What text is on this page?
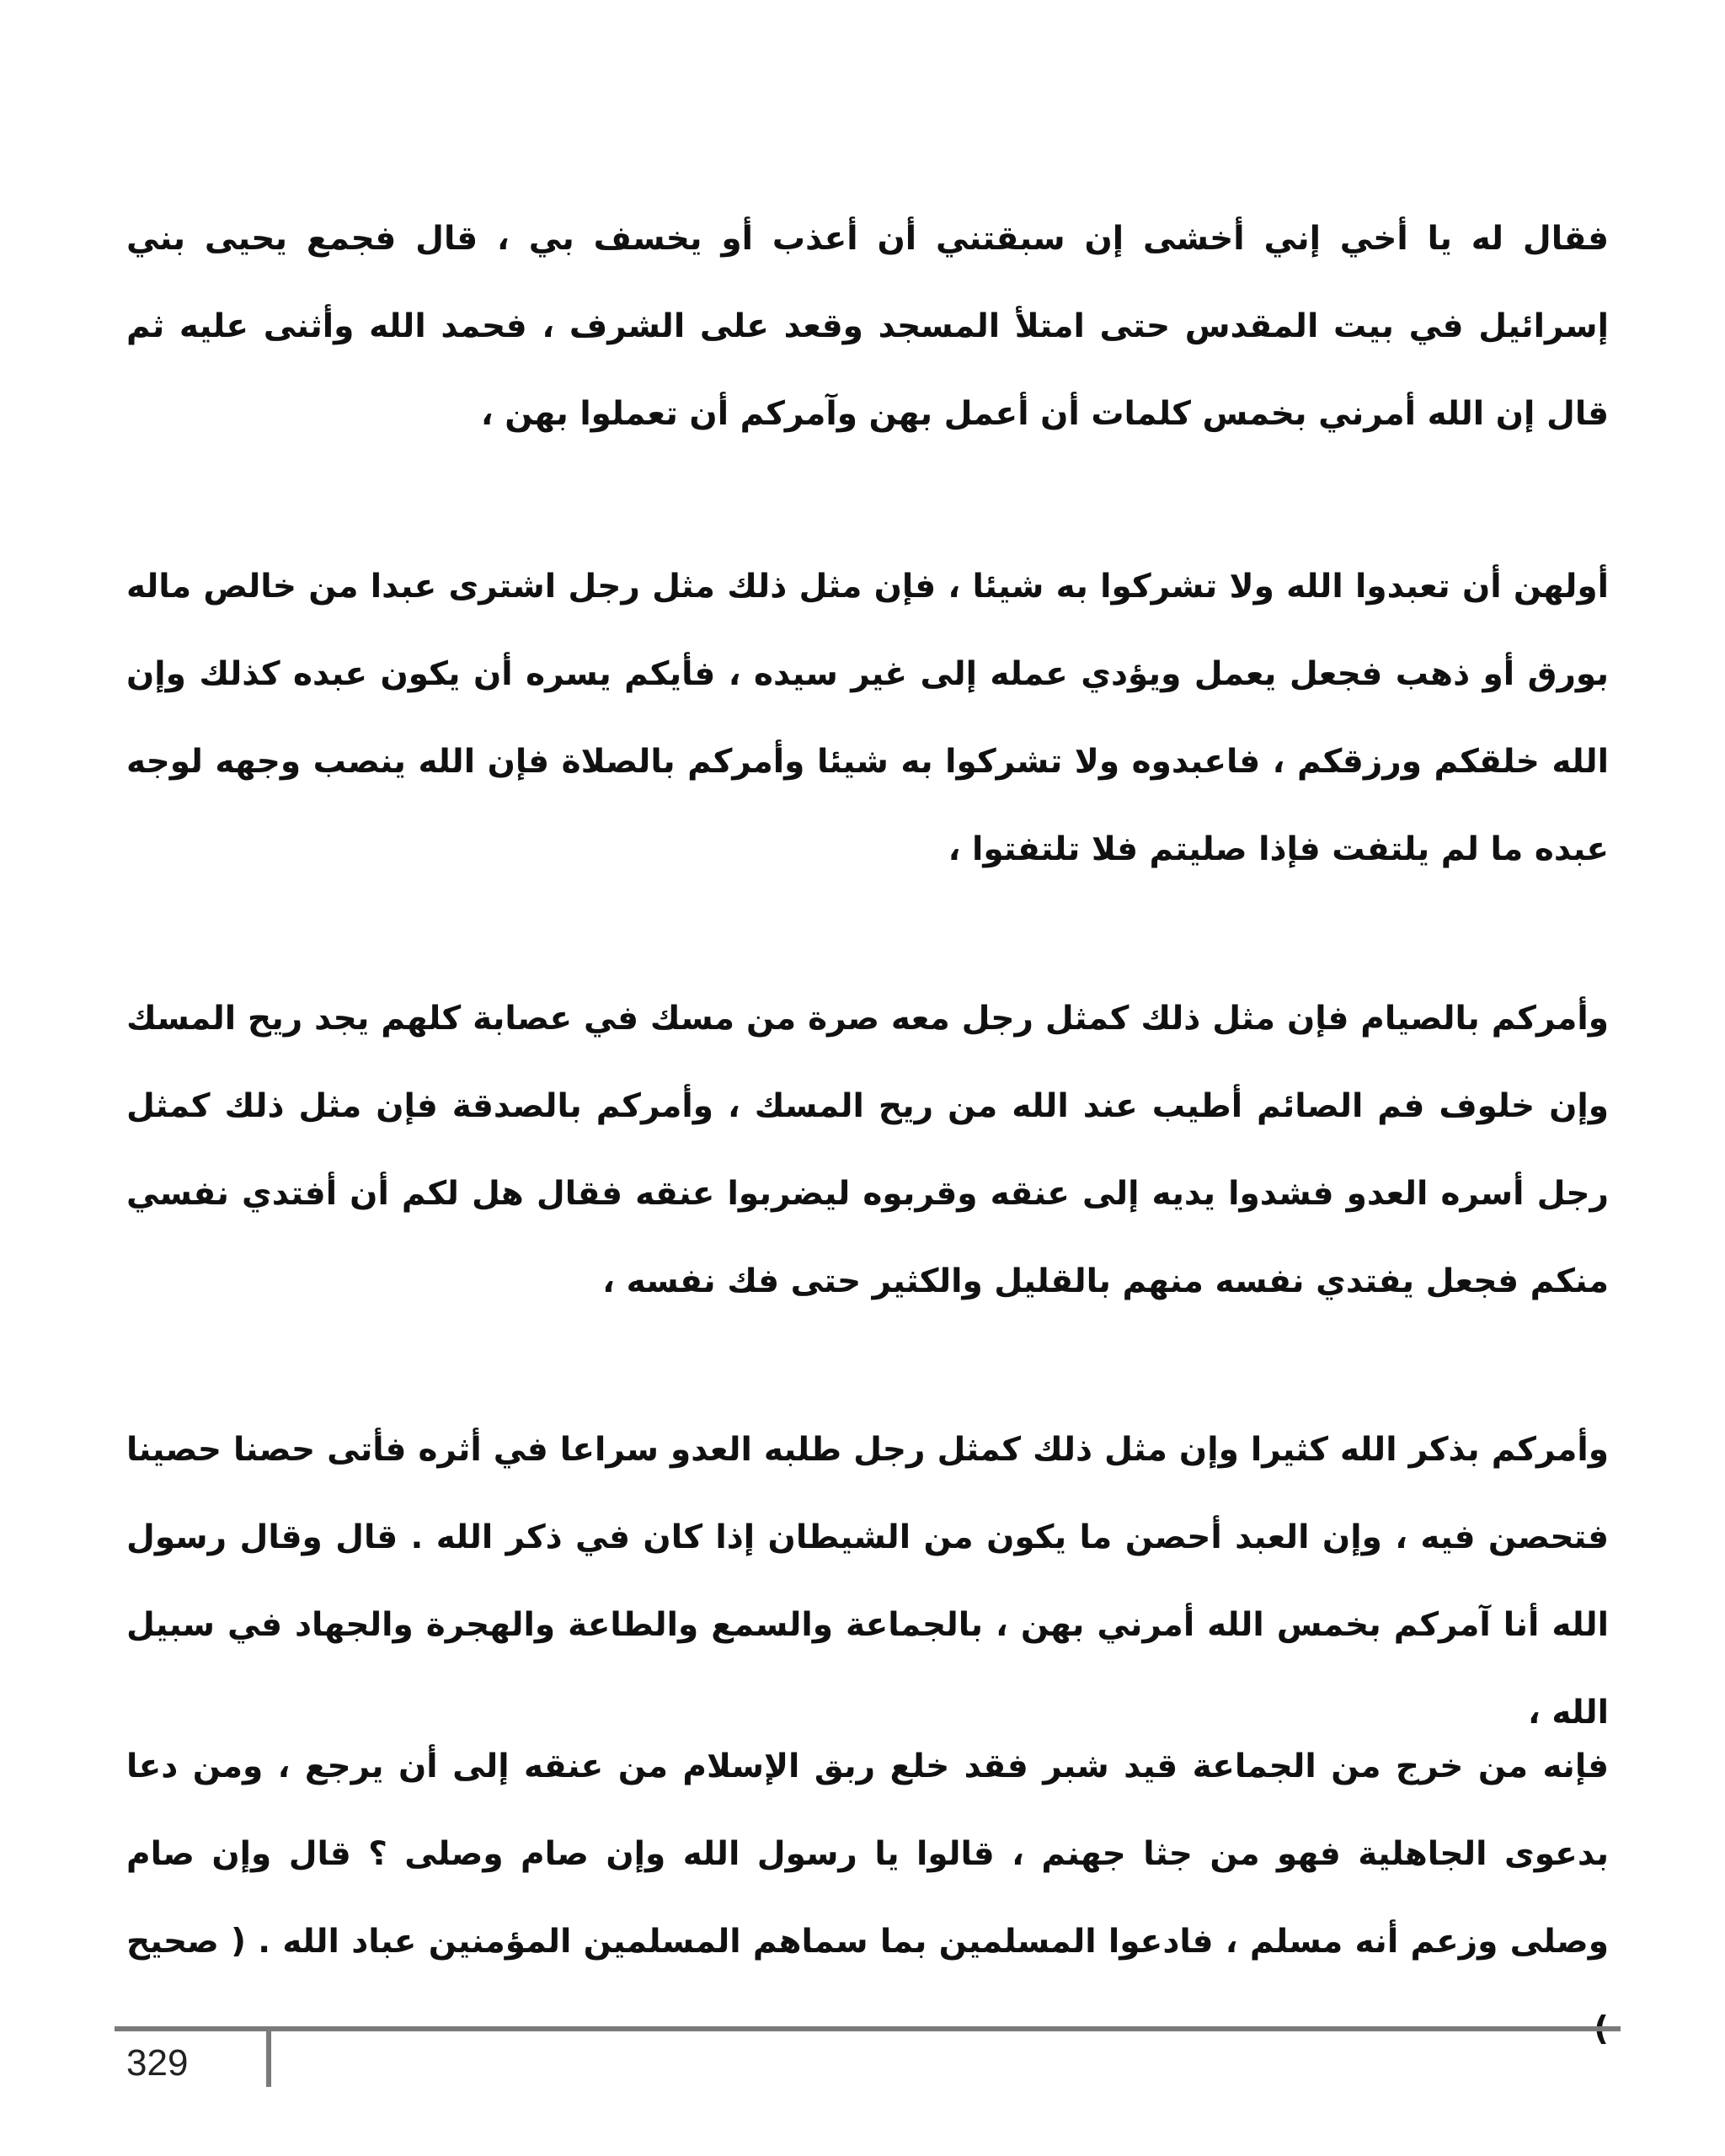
فقال له يا أخي إني أخشى إن سبقتني أن أعذب أو يخسف بي ، قال فجمع يحيى بني إسرائيل في بيت المقدس حتى امتلأ المسجد وقعد على الشرف ، فحمد الله وأثنى عليه ثم قال إن الله أمرني بخمس كلمات أن أعمل بهن وآمركم أن تعملوا بهن ،

أولهن أن تعبدوا الله ولا تشركوا به شيئا ، فإن مثل ذلك مثل رجل اشترى عبدا من خالص ماله بورق أو ذهب فجعل يعمل ويؤدي عمله إلى غير سيده ، فأيكم يسره أن يكون عبده كذلك وإن الله خلقكم ورزقكم ، فاعبدوه ولا تشركوا به شيئا وأمركم بالصلاة فإن الله ينصب وجهه لوجه عبده ما لم يلتفت فإذا صليتم فلا تلتفتوا ،

وأمركم بالصيام فإن مثل ذلك كمثل رجل معه صرة من مسك في عصابة كلهم يجد ريح المسك وإن خلوف فم الصائم أطيب عند الله من ريح المسك ، وأمركم بالصدقة فإن مثل ذلك كمثل رجل أسره العدو فشدوا يديه إلى عنقه وقربوه ليضربوا عنقه فقال هل لكم أن أفتدي نفسي منكم فجعل يفتدي نفسه منهم بالقليل والكثير حتى فك نفسه ،

وأمركم بذكر الله كثيرا وإن مثل ذلك كمثل رجل طلبه العدو سراعا في أثره فأتى حصنا حصينا فتحصن فيه ، وإن العبد أحصن ما يكون من الشيطان إذا كان في ذكر الله . قال وقال رسول الله أنا آمركم بخمس الله أمرني بهن ، بالجماعة والسمع والطاعة والهجرة والجهاد في سبيل الله ،

فإنه من خرج من الجماعة قيد شبر فقد خلع ربق الإسلام من عنقه إلى أن يرجع ، ومن دعا بدعوى الجاهلية فهو من جثا جهنم ، قالوا يا رسول الله وإن صام وصلى ؟ قال وإن صام وصلى وزعم أنه مسلم ، فادعوا المسلمين بما سماهم المسلمين المؤمنين عباد الله . ( صحيح

329
